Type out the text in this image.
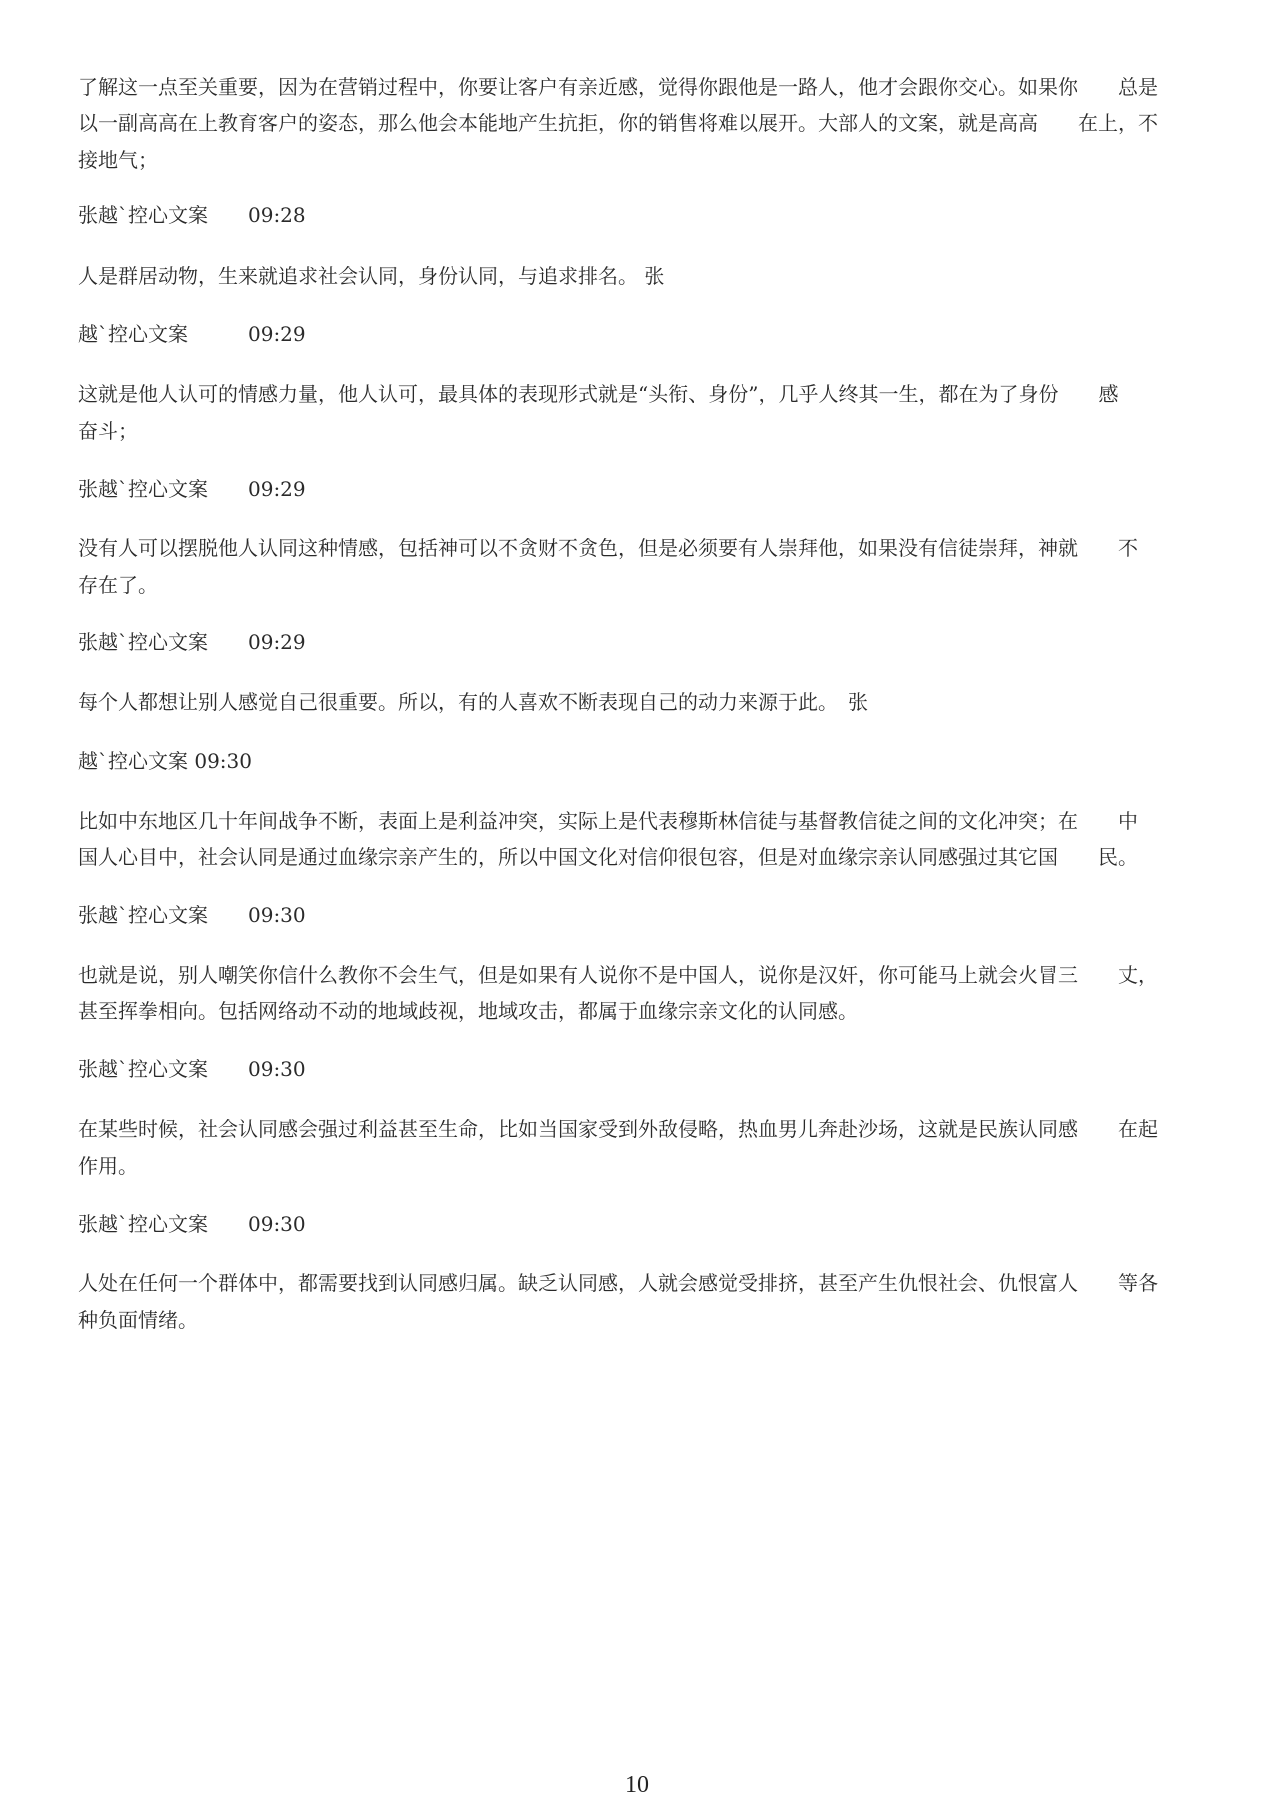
了解这一点至关重要，因为在营销过程中，你要让客户有亲近感，觉得你跟他是一路人，他才会跟你交心。如果你　　总是
以一副高高在上教育客户的姿态，那么他会本能地产生抗拒，你的销售将难以展开。大部人的文案，就是高高　　在上，不
接地气；
张越`控心文案　　09:28
人是群居动物，生来就追求社会认同，身份认同，与追求排名。 张
越`控心文案　　　09:29
这就是他人认可的情感力量，他人认可，最具体的表现形式就是“头衔、身份”，几乎人终其一生，都在为了身份　　感
奋斗；
张越`控心文案　　09:29
没有人可以摆脱他人认同这种情感，包括神可以不贪财不贪色，但是必须要有人崇拜他，如果没有信徒崇拜，神就　　不
存在了。
张越`控心文案　　09:29
每个人都想让别人感觉自己很重要。所以，有的人喜欢不断表现自己的动力来源于此。　张
越`控心文案 09:30
比如中东地区几十年间战争不断，表面上是利益冲突，实际上是代表穆斯林信徒与基督教信徒之间的文化冲突；在　　中
国人心目中，社会认同是通过血缘宗亲产生的，所以中国文化对信仰很包容，但是对血缘宗亲认同感强过其它国　　民。
张越`控心文案　　09:30
也就是说，别人嘲笑你信什么教你不会生气，但是如果有人说你不是中国人，说你是汉奸，你可能马上就会火冒三　　丈，
甚至挥拳相向。包括网络动不动的地域歧视，地域攻击，都属于血缘宗亲文化的认同感。
张越`控心文案　　09:30
在某些时候，社会认同感会强过利益甚至生命，比如当国家受到外敌侵略，热血男儿奔赴沙场，这就是民族认同感　　在起
作用。
张越`控心文案　　09:30
人处在任何一个群体中，都需要找到认同感归属。缺乏认同感，人就会感觉受排挤，甚至产生仇恨社会、仇恨富人　　等各
种负面情绪。
10
